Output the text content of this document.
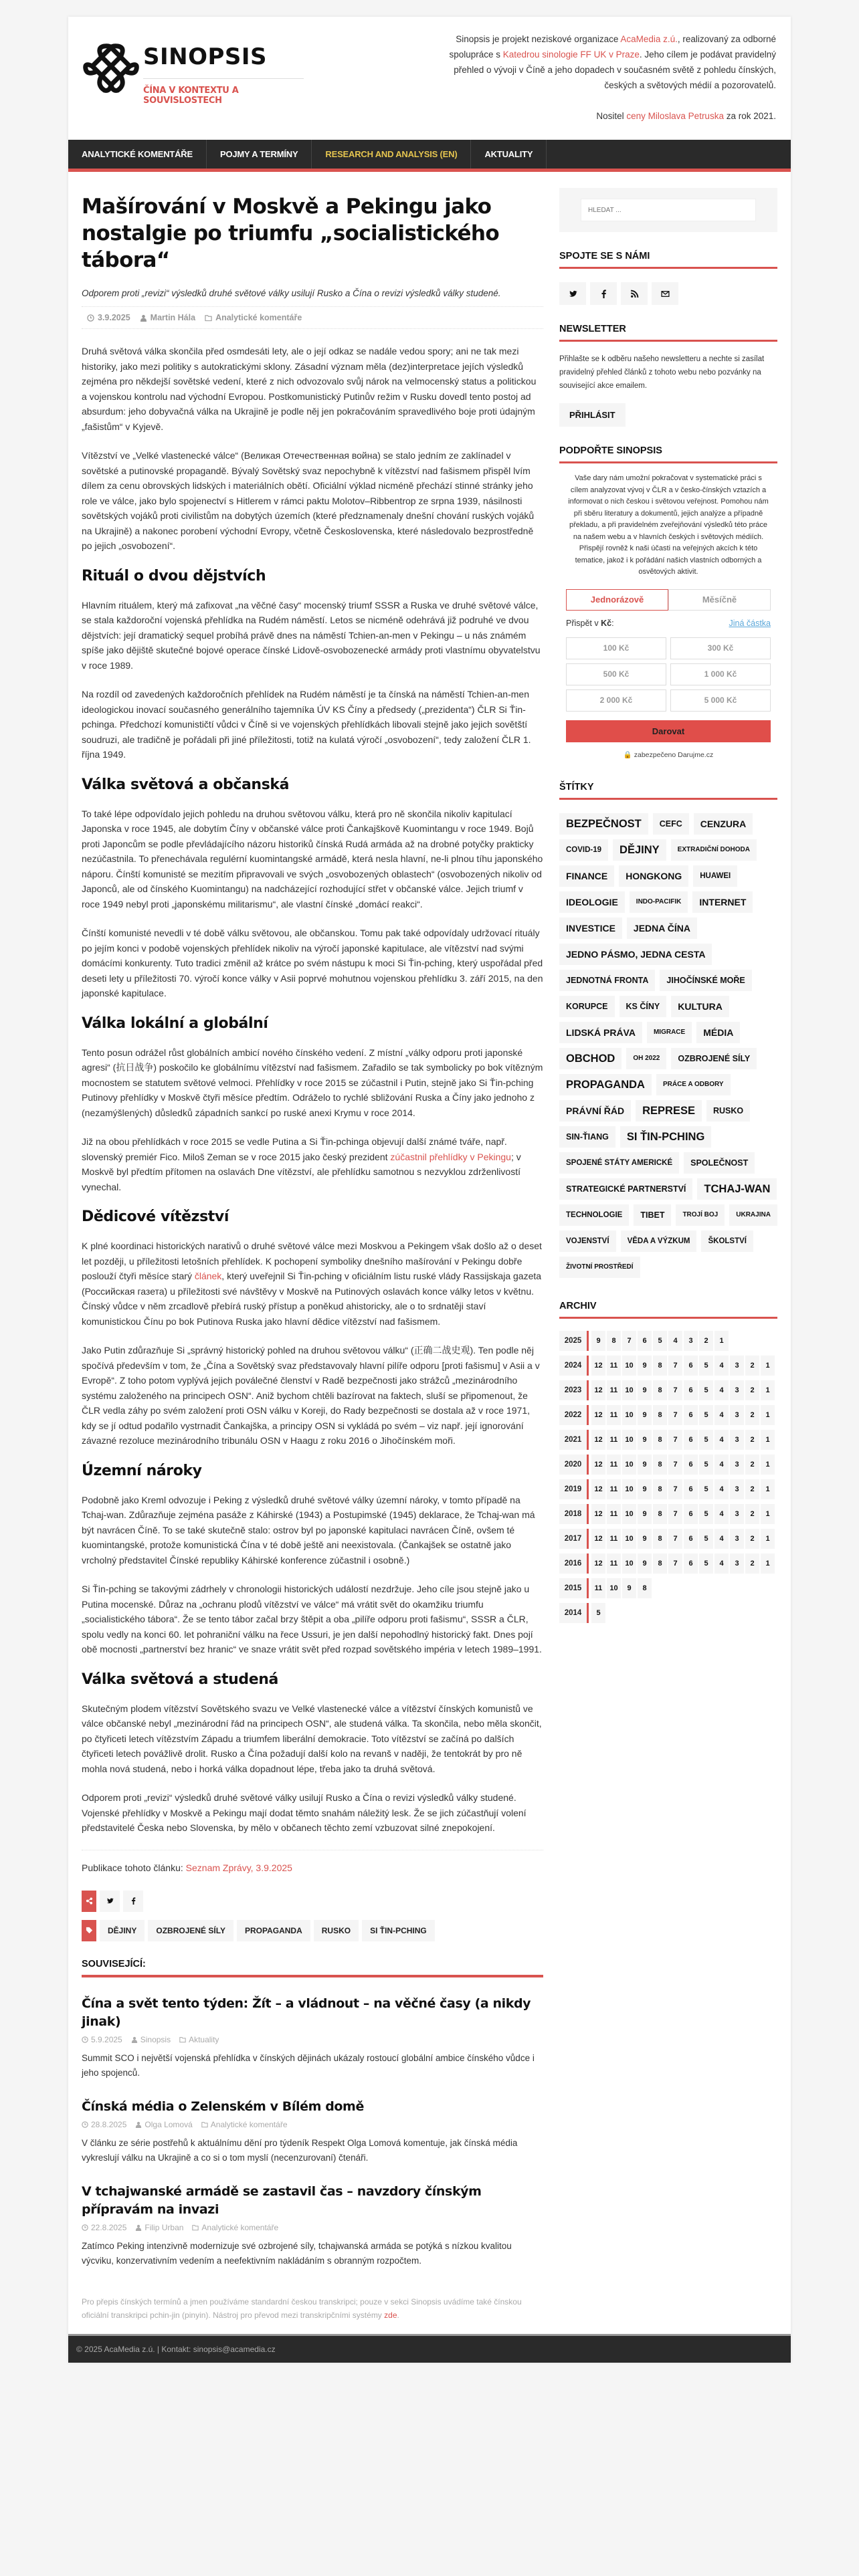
SINOPSIS
ČÍNA V KONTEXTU A SOUVISLOSTECH

Sinopsis je projekt neziskové organizace AcaMedia z.ú., realizovaný za odborné spolupráce s Katedrou sinologie FF UK v Praze. Jeho cílem je podávat pravidelný přehled o vývoji v Číně a jeho dopadech v současném světě z pohledu čínských, českých a světových médií a pozorovatelů.

Nositel ceny Miloslava Petruska za rok 2021.

ANALYTICKÉ KOMENTÁŘE	POJMY A TERMÍNY	RESEARCH AND ANALYSIS (EN)	AKTUALITY
Mašírování v Moskvě a Pekingu jako nostalgie po triumfu „socialistického tábora“
Odporem proti „revizi“ výsledků druhé světové války usilují Rusko a Čína o revizi výsledků války studené.
3.9.2025 Martin Hála Analytické komentáře

Druhá světová válka skončila před osmdesáti lety, ale o její odkaz se nadále vedou spory; ani ne tak mezi historiky, jako mezi politiky s autokratickými sklony. Zásadní význam měla (dez)interpretace jejích výsledků zejména pro někdejší sovětské vedení, které z nich odvozovalo svůj nárok na velmocenský status a politickou a vojenskou kontrolu nad východní Evropou. Postkomunistický Putinův režim v Rusku dovedl tento postoj ad absurdum: jeho dobyvačná válka na Ukrajině je podle něj jen pokračováním spravedlivého boje proti údajným „fašistům“ v Kyjevě.

Vítězství ve „Velké vlastenecké válce“ (Великая Отечественная война) se stalo jedním ze zaklínadel v sovětské a putinovské propagandě. Bývalý Sovětský svaz nepochybně k vítězství nad fašismem přispěl lvím dílem za cenu obrovských lidských i materiálních obětí. Oficiální výklad nicméně přechází stinné stránky jeho role ve válce, jako bylo spojenectví s Hitlerem v rámci paktu Molotov–Ribbentrop ze srpna 1939, násilnosti sovětských vojáků proti civilistům na dobytých územích (které předznamenaly dnešní chování ruských vojáků na Ukrajině) a nakonec porobení východní Evropy, včetně Československa, které následovalo bezprostředně po jejich „osvobození“.

Rituál o dvou dějstvích

Hlavním rituálem, který má zafixovat „na věčné časy“ mocenský triumf SSSR a Ruska ve druhé světové válce, se stala každoroční vojenská přehlídka na Rudém náměstí. Letos se nicméně odehrává již podruhé ve dvou dějstvích: její dramatický sequel probíhá právě dnes na náměstí Tchien-an-men v Pekingu – u nás známém spíše jako dějiště skutečné bojové operace čínské Lidově-osvobozenecké armády proti vlastnímu obyvatelstvu v roce 1989.

Na rozdíl od zavedených každoročních přehlídek na Rudém náměstí je ta čínská na náměstí Tchien-an-men ideologickou inovací současného generálního tajemníka ÚV KS Číny a předsedy („prezidenta“) ČLR Si Ťin-pchinga. Předchozí komunističtí vůdci v Číně si ve vojenských přehlídkách libovali stejně jako jejich sovětští soudruzi, ale tradičně je pořádali při jiné příležitosti, totiž na kulatá výročí „osvobození“, tedy založení ČLR 1. října 1949.

Válka světová a občanská

To také lépe odpovídalo jejich pohledu na druhou světovou válku, která pro ně skončila nikoliv kapitulací Japonska v roce 1945, ale dobytím Číny v občanské válce proti Čankajškově Kuomintangu v roce 1949. Bojů proti Japoncům se podle převládajícího názoru historiků čínská Rudá armáda až na drobné potyčky prakticky nezúčastnila. To přenechávala regulérní kuomintangské armádě, která nesla hlavní, ne-li plnou tíhu japonského náporu. Čínští komunisté se mezitím připravovali ve svých „osvobozených oblastech“ (osvobozených nikoliv od Japonců, ale od čínského Kuomintangu) na nadcházející rozhodující střet v občanské válce. Jejich triumf v roce 1949 nebyl proti „japonskému militarismu“, ale vlastní čínské „domácí reakci“.

Čínští komunisté nevedli v té době válku světovou, ale občanskou. Tomu pak také odpovídaly udržovací rituály po jejím konci v podobě vojenských přehlídek nikoliv na výročí japonské kapitulace, ale vítězství nad svými domácími konkurenty. Tuto tradici změnil až krátce po svém nástupu k moci Si Ťin-pching, který uspořádal před deseti lety u příležitosti 70. výročí konce války v Asii poprvé mohutnou vojenskou přehlídku 3. září 2015, na den japonské kapitulace.

Válka lokální a globální

Tento posun odrážel růst globálních ambicí nového čínského vedení. Z místní „války odporu proti japonské agresi“ (抗日战争) poskočilo ke globálnímu vítězství nad fašismem. Zařadilo se tak symbolicky po bok vítězným mocnostem se statutem světové velmoci. Přehlídky v roce 2015 se zúčastnil i Putin, stejně jako Si Ťin-pching Putinovy přehlídky v Moskvě čtyři měsíce předtím. Odráželo to rychlé sbližování Ruska a Číny jako jednoho z (nezamýšlených) důsledků západních sankcí po ruské anexi Krymu v roce 2014.

Již na obou přehlídkách v roce 2015 se vedle Putina a Si Ťin-pchinga objevují další známé tváře, např. slovenský premiér Fico. Miloš Zeman se v roce 2015 jako český prezident zúčastnil přehlídky v Pekingu; v Moskvě byl předtím přítomen na oslavách Dne vítězství, ale přehlídku samotnou s nezvyklou zdrženlivostí vynechal.

Dědicové vítězství

K plné koordinaci historických narativů o druhé světové válce mezi Moskvou a Pekingem však došlo až o deset let později, u příležitosti letošních přehlídek. K pochopení symboliky dnešního mašírování v Pekingu dobře poslouží čtyři měsíce starý článek, který uveřejnil Si Ťin-pching v oficiálním listu ruské vlády Rassijskaja gazeta (Российская газета) u příležitosti své návštěvy v Moskvě na Putinových oslavách konce války letos v květnu. Čínský vůdce v něm zrcadlově přebírá ruský přístup a poněkud ahistoricky, ale o to srdnatěji staví komunistickou Čínu po bok Putinova Ruska jako hlavní dědice vítězství nad fašismem.

Jako Putin zdůrazňuje Si „správný historický pohled na druhou světovou válku“ (正确二战史观). Ten podle něj spočívá především v tom, že „Čína a Sovětský svaz představovaly hlavní pilíře odporu [proti fašismu] v Asii a v Evropě“. Z toho potom vyplývá jejich poválečné členství v Radě bezpečnosti jako strážců „mezinárodního systému založeného na principech OSN“. Aniž bychom chtěli bazírovat na faktech, sluší se připomenout, že ČLR vedla záhy po svém založení proti OSN válku v Koreji, do Rady bezpečnosti se dostala až v roce 1971, kdy se jí odtud podařilo vystrnadit Čankajška, a principy OSN si vykládá po svém – viz např. její ignorování závazné rezoluce mezinárodního tribunálu OSN v Haagu z roku 2016 o Jihočínském moři.

Územní nároky

Podobně jako Kreml odvozuje i Peking z výsledků druhé světové války územní nároky, v tomto případě na Tchaj-wan. Zdůrazňuje zejména pasáže z Káhirské (1943) a Postupimské (1945) deklarace, že Tchaj-wan má být navrácen Číně. To se také skutečně stalo: ostrov byl po japonské kapitulaci navrácen Číně, ovšem té kuomintangské, protože komunistická Čína v té době ještě ani neexistovala. (Čankajšek se ostatně jako vrcholný představitel Čínské republiky Káhirské konference zúčastnil i osobně.)

Si Ťin-pching se takovými zádrhely v chronologii historických událostí nezdržuje. Jeho cíle jsou stejně jako u Putina mocenské. Důraz na „ochranu plodů vítězství ve válce“ má vrátit svět do okamžiku triumfu „socialistického tábora“. Že se tento tábor začal brzy štěpit a oba „pilíře odporu proti fašismu“, SSSR a ČLR, spolu vedly na konci 60. let pohraniční válku na řece Ussuri, je jen další nepohodlný historický fakt. Dnes pojí obě mocnosti „partnerství bez hranic“ ve snaze vrátit svět před rozpad sovětského impéria v letech 1989–1991.

Válka světová a studená

Skutečným plodem vítězství Sovětského svazu ve Velké vlastenecké válce a vítězství čínských komunistů ve válce občanské nebyl „mezinárodní řád na principech OSN“, ale studená válka. Ta skončila, nebo měla skončit, po čtyřiceti letech vítězstvím Západu a triumfem liberální demokracie. Toto vítězství se začíná po dalších čtyřiceti letech povážlivě drolit. Rusko a Čína požadují další kolo na revanš v naději, že tentokrát by pro ně mohla nová studená, nebo i horká válka dopadnout lépe, třeba jako ta druhá světová.

Odporem proti „revizi“ výsledků druhé světové války usilují Rusko a Čína o revizi výsledků války studené. Vojenské přehlídky v Moskvě a Pekingu mají dodat těmto snahám náležitý lesk. Že se jich zúčastňují volení představitelé Česka nebo Slovenska, by mělo v občanech těchto zemí vzbuzovat silné znepokojení.

Publikace tohoto článku: Seznam Zprávy, 3.9.2025
DĚJINY	OZBROJENÉ SÍLY	PROPAGANDA	RUSKO	SI ŤIN-PCHING
SOUVISEJÍCÍ:
Čína a svět tento týden: Žít – a vládnout – na věčné časy (a nikdy jinak)
5.9.2025 Sinopsis Aktuality

Summit SCO i největší vojenská přehlídka v čínských dějinách ukázaly rostoucí globální ambice čínského vůdce i jeho spojenců.

Čínská média o Zelenském v Bílém domě
28.8.2025 Olga Lomová Analytické komentáře

V článku ze série postřehů k aktuálnímu dění pro týdeník Respekt Olga Lomová komentuje, jak čínská média vykreslují válku na Ukrajině a co si o tom myslí (necenzurovaní) čtenáři.

V tchajwanské armádě se zastavil čas – navzdory čínským přípravám na invazi
22.8.2025 Filip Urban Analytické komentáře

Zatímco Peking intenzivně modernizuje své ozbrojené síly, tchajwanská armáda se potýká s nízkou kvalitou výcviku, konzervativním vedením a neefektivním nakládáním s obranným rozpočtem.

Pro přepis čínských termínů a jmen používáme standardní českou transkripci; pouze v sekci Sinopsis uvádíme také čínskou oficiální transkripci pchin-jin (pinyin). Nástroj pro převod mezi transkripčními systémy zde.
HLEDAT ...
SPOJTE SE S NÁMI
NEWSLETTER
Přihlašte se k odběru našeho newsletteru a nechte si zasílat pravidelný přehled článků z tohoto webu nebo pozvánky na související akce emailem.
PŘIHLÁSIT
PODPOŘTE SINOPSIS
Vaše dary nám umožní pokračovat v systematické práci s cílem analyzovat vývoj v ČLR a v česko-čínských vztazích a informovat o nich českou i světovou veřejnost. Pomohou nám při sběru literatury a dokumentů, jejich analýze a případně překladu, a při pravidelném zveřejňování výsledků této práce na našem webu a v hlavních českých i světových médiích. Přispějí rovněž k naši účasti na veřejných akcích k této tematice, jakož i k pořádání našich vlastních odborných a osvětových aktivit.
Jednorázově	Měsíčně
Přispět v Kč:	Jiná částka
100 Kč	300 Kč
500 Kč	1 000 Kč
2 000 Kč	5 000 Kč
Darovat
🔒 zabezpečeno Darujme.cz
ŠTÍTKY
BEZPEČNOST	CEFC	CENZURA
COVID-19	DĚJINY	EXTRADIČNÍ DOHODA
FINANCE	HONGKONG	HUAWEI
IDEOLOGIE	INDO-PACIFIK	INTERNET
INVESTICE	JEDNA ČÍNA
JEDNO PÁSMO, JEDNA CESTA
JEDNOTNÁ FRONTA	JIHOČÍNSKÉ MOŘE
KORUPCE	KS ČÍNY	KULTURA
LIDSKÁ PRÁVA	MIGRACE	MÉDIA
OBCHOD	OH 2022	OZBROJENÉ SÍLY
PROPAGANDA	PRÁCE A ODBORY
PRÁVNÍ ŘÁD	REPRESE	RUSKO
SIN-ŤIANG	SI ŤIN-PCHING
SPOJENÉ STÁTY AMERICKÉ	SPOLEČNOST
STRATEGICKÉ PARTNERSTVÍ	TCHAJ-WAN
TECHNOLOGIE	TIBET	TROJÍ BOJ	UKRAJINA
VOJENSTVÍ	VĚDA A VÝZKUM	ŠKOLSTVÍ
ŽIVOTNÍ PROSTŘEDÍ
ARCHIV
2025	9	8	7	6	5	4	3	2	1
2024	12	11	10	9	8	7	6	5	4	3	2	1
2023	12	11	10	9	8	7	6	5	4	3	2	1
2022	12	11	10	9	8	7	6	5	4	3	2	1
2021	12	11	10	9	8	7	6	5	4	3	2	1
2020	12	11	10	9	8	7	6	5	4	3	2	1
2019	12	11	10	9	8	7	6	5	4	3	2	1
2018	12	11	10	9	8	7	6	5	4	3	2	1
2017	12	11	10	9	8	7	6	5	4	3	2	1
2016	12	11	10	9	8	7	6	5	4	3	2	1
2015	11	10	9	8
2014	5
© 2025 AcaMedia z.ú. | Kontakt: sinopsis@acamedia.cz
